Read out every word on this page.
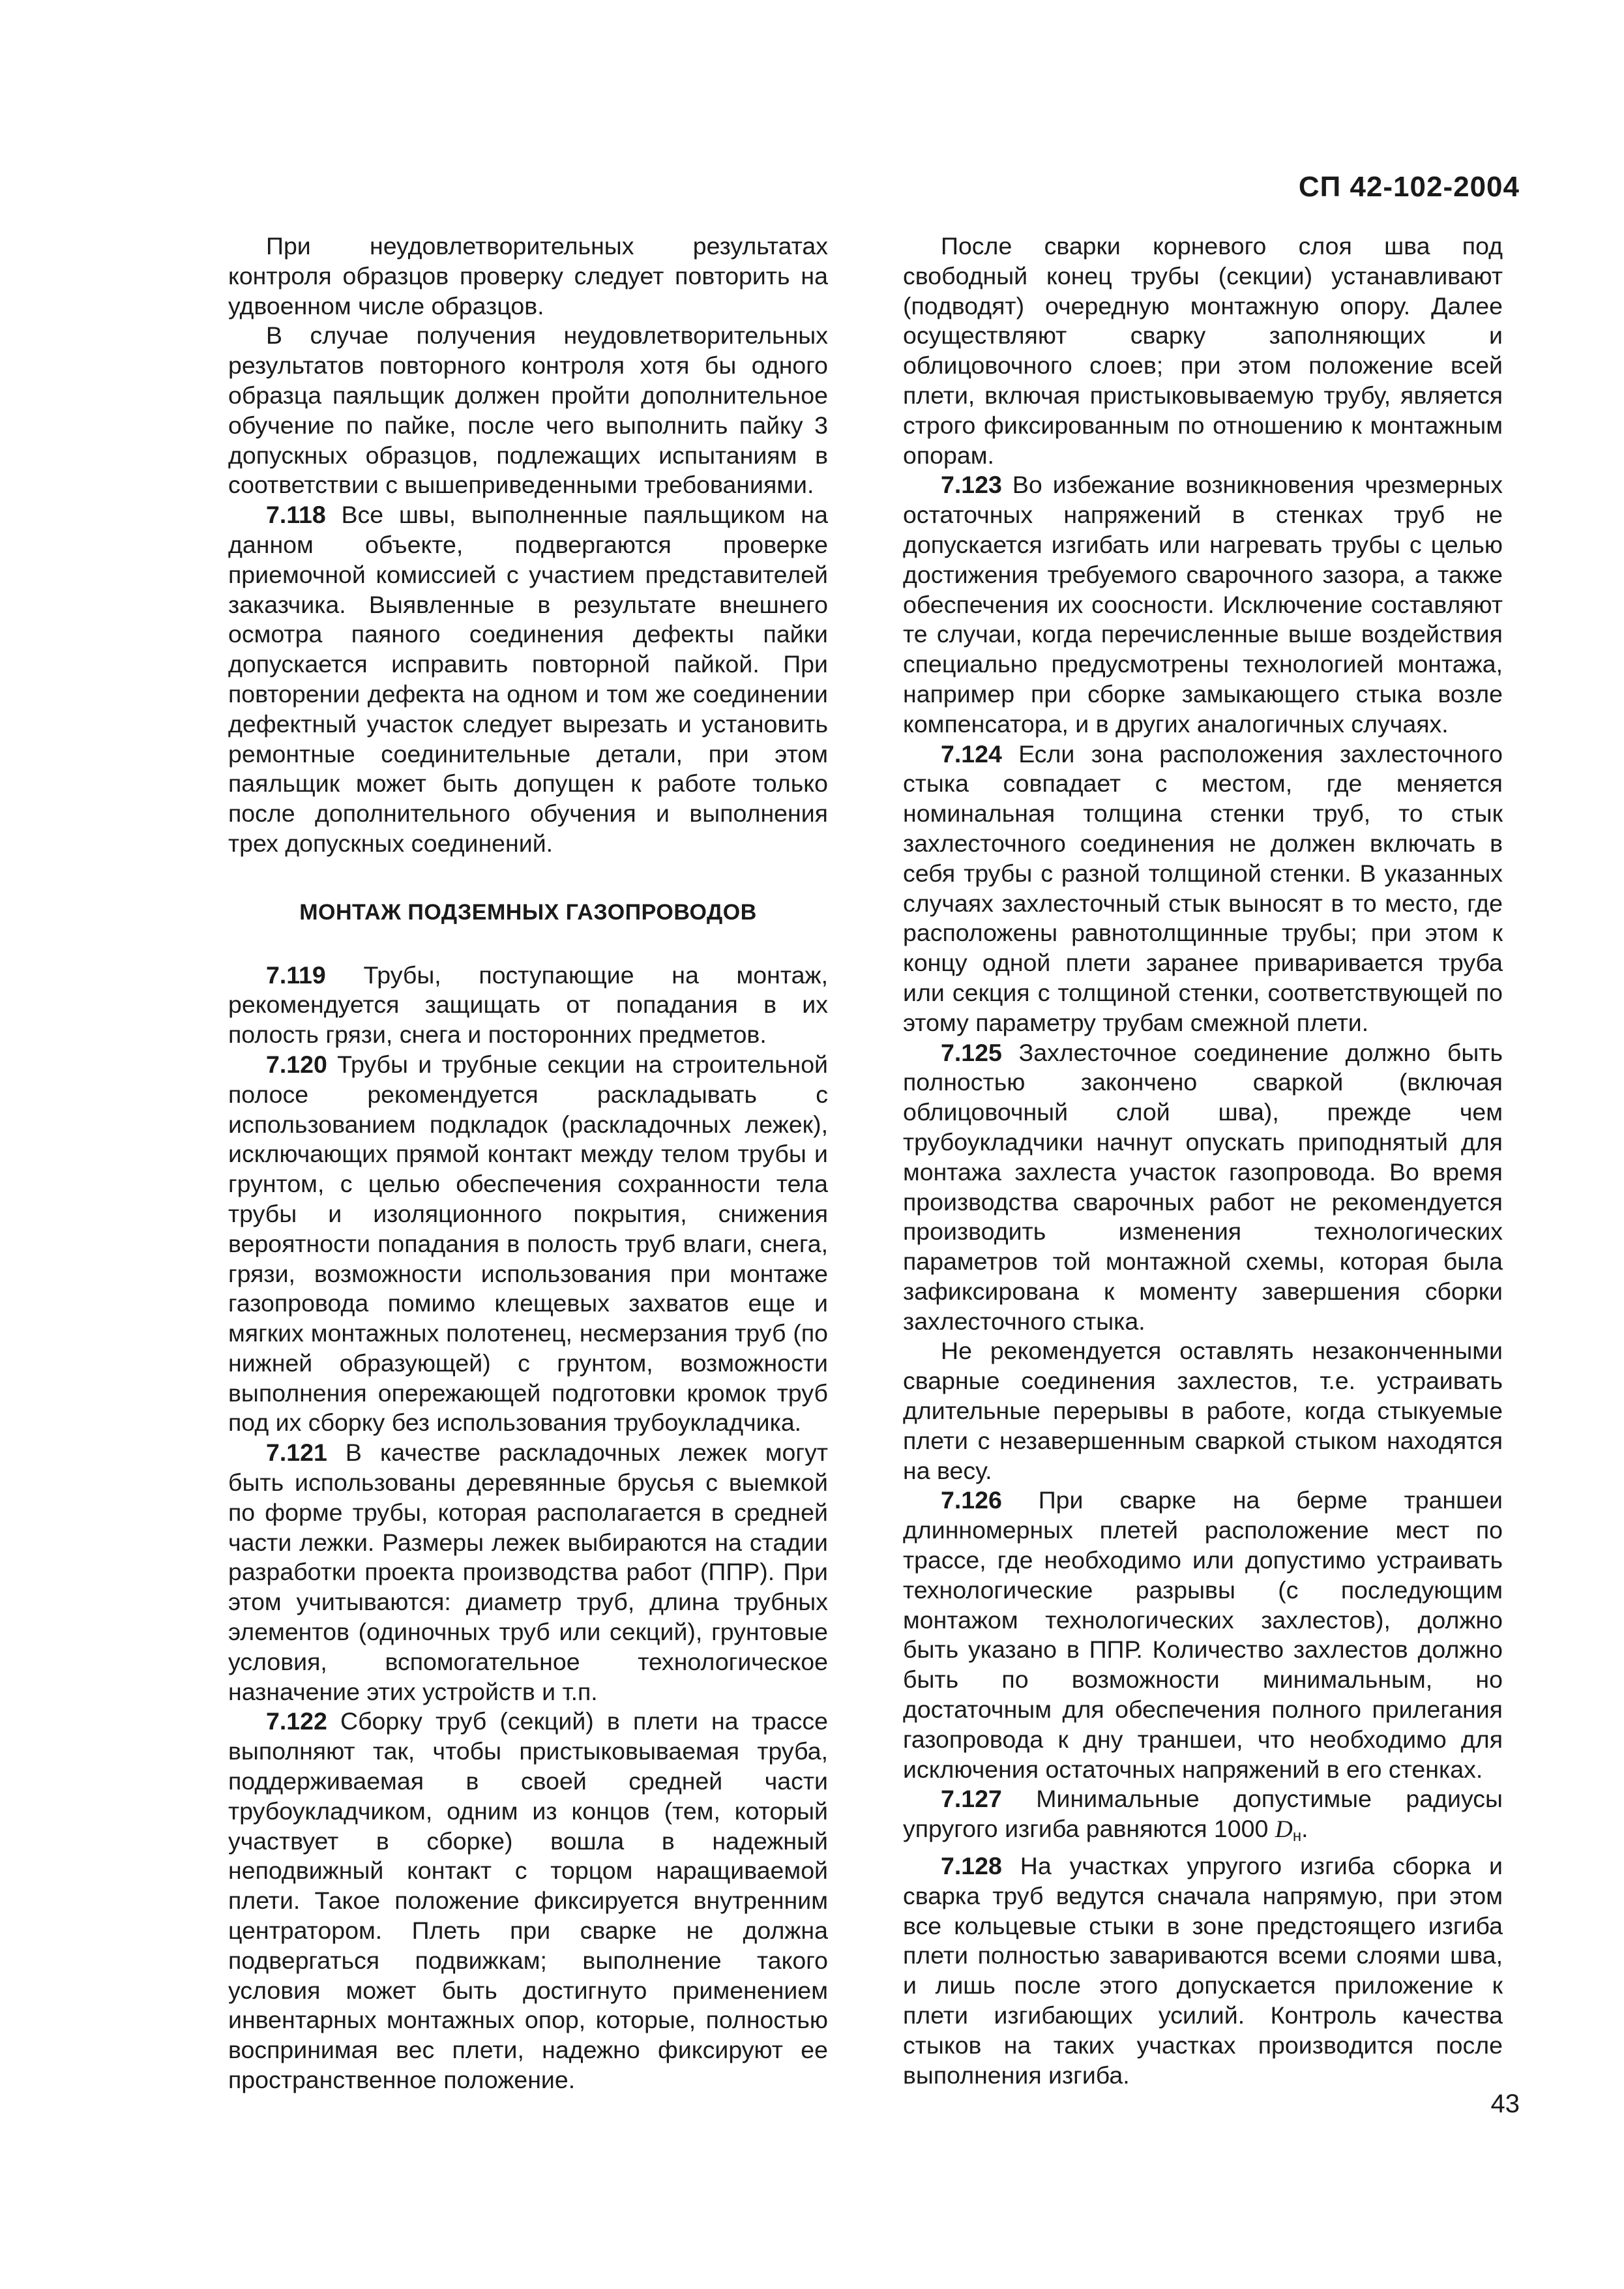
СП 42-102-2004

При неудовлетворительных результатах контроля образцов проверку следует повторить на удвоенном числе образцов.

В случае получения неудовлетворительных результатов повторного контроля хотя бы одного образца паяльщик должен пройти дополнительное обучение по пайке, после чего выполнить пайку 3 допускных образцов, подлежащих испытаниям в соответствии с вышеприведенными требованиями.

7.118 Все швы, выполненные паяльщиком на данном объекте, подвергаются проверке приемочной комиссией с участием представителей заказчика. Выявленные в результате внешнего осмотра паяного соединения дефекты пайки допускается исправить повторной пайкой. При повторении дефекта на одном и том же соединении дефектный участок следует вырезать и установить ремонтные соединительные детали, при этом паяльщик может быть допущен к работе только после дополнительного обучения и выполнения трех допускных соединений.

МОНТАЖ ПОДЗЕМНЫХ ГАЗОПРОВОДОВ

7.119 Трубы, поступающие на монтаж, рекомендуется защищать от попадания в их полость грязи, снега и посторонних предметов.

7.120 Трубы и трубные секции на строительной полосе рекомендуется раскладывать с использованием подкладок (раскладочных лежек), исключающих прямой контакт между телом трубы и грунтом, с целью обеспечения сохранности тела трубы и изоляционного покрытия, снижения вероятности попадания в полость труб влаги, снега, грязи, возможности использования при монтаже газопровода помимо клещевых захватов еще и мягких монтажных полотенец, несмерзания труб (по нижней образующей) с грунтом, возможности выполнения опережающей подготовки кромок труб под их сборку без использования трубоукладчика.

7.121 В качестве раскладочных лежек могут быть использованы деревянные брусья с выемкой по форме трубы, которая располагается в средней части лежки. Размеры лежек выбираются на стадии разработки проекта производства работ (ППР). При этом учитываются: диаметр труб, длина трубных элементов (одиночных труб или секций), грунтовые условия, вспомогательное технологическое назначение этих устройств и т.п.

7.122 Сборку труб (секций) в плети на трассе выполняют так, чтобы пристыковываемая труба, поддерживаемая в своей средней части трубоукладчиком, одним из концов (тем, который участвует в сборке) вошла в надежный неподвижный контакт с торцом наращиваемой плети. Такое положение фиксируется внутренним центратором. Плеть при сварке не должна подвергаться подвижкам; выполнение такого условия может быть достигнуто применением инвентарных монтажных опор, которые, полностью воспринимая вес плети, надежно фиксируют ее пространственное положение.

После сварки корневого слоя шва под свободный конец трубы (секции) устанавливают (подводят) очередную монтажную опору. Далее осуществляют сварку заполняющих и облицовочного слоев; при этом положение всей плети, включая пристыковываемую трубу, является строго фиксированным по отношению к монтажным опорам.

7.123 Во избежание возникновения чрезмерных остаточных напряжений в стенках труб не допускается изгибать или нагревать трубы с целью достижения требуемого сварочного зазора, а также обеспечения их соосности. Исключение составляют те случаи, когда перечисленные выше воздействия специально предусмотрены технологией монтажа, например при сборке замыкающего стыка возле компенсатора, и в других аналогичных случаях.

7.124 Если зона расположения захлесточного стыка совпадает с местом, где меняется номинальная толщина стенки труб, то стык захлесточного соединения не должен включать в себя трубы с разной толщиной стенки. В указанных случаях захлесточный стык выносят в то место, где расположены равнотолщинные трубы; при этом к концу одной плети заранее приваривается труба или секция с толщиной стенки, соответствующей по этому параметру трубам смежной плети.

7.125 Захлесточное соединение должно быть полностью закончено сваркой (включая облицовочный слой шва), прежде чем трубоукладчики начнут опускать приподнятый для монтажа захлеста участок газопровода. Во время производства сварочных работ не рекомендуется производить изменения технологических параметров той монтажной схемы, которая была зафиксирована к моменту завершения сборки захлесточного стыка.

Не рекомендуется оставлять незаконченными сварные соединения захлестов, т.е. устраивать длительные перерывы в работе, когда стыкуемые плети с незавершенным сваркой стыком находятся на весу.

7.126 При сварке на берме траншеи длинномерных плетей расположение мест по трассе, где необходимо или допустимо устраивать технологические разрывы (с последующим монтажом технологических захлестов), должно быть указано в ППР. Количество захлестов должно быть по возможности минимальным, но достаточным для обеспечения полного прилегания газопровода к дну траншеи, что необходимо для исключения остаточных напряжений в его стенках.

7.127 Минимальные допустимые радиусы упругого изгиба равняются 1000 $D_н$.

7.128 На участках упругого изгиба сборка и сварка труб ведутся сначала напрямую, при этом все кольцевые стыки в зоне предстоящего изгиба плети полностью завариваются всеми слоями шва, и лишь после этого допускается приложение к плети изгибающих усилий. Контроль качества стыков на таких участках производится после выполнения изгиба.

43
